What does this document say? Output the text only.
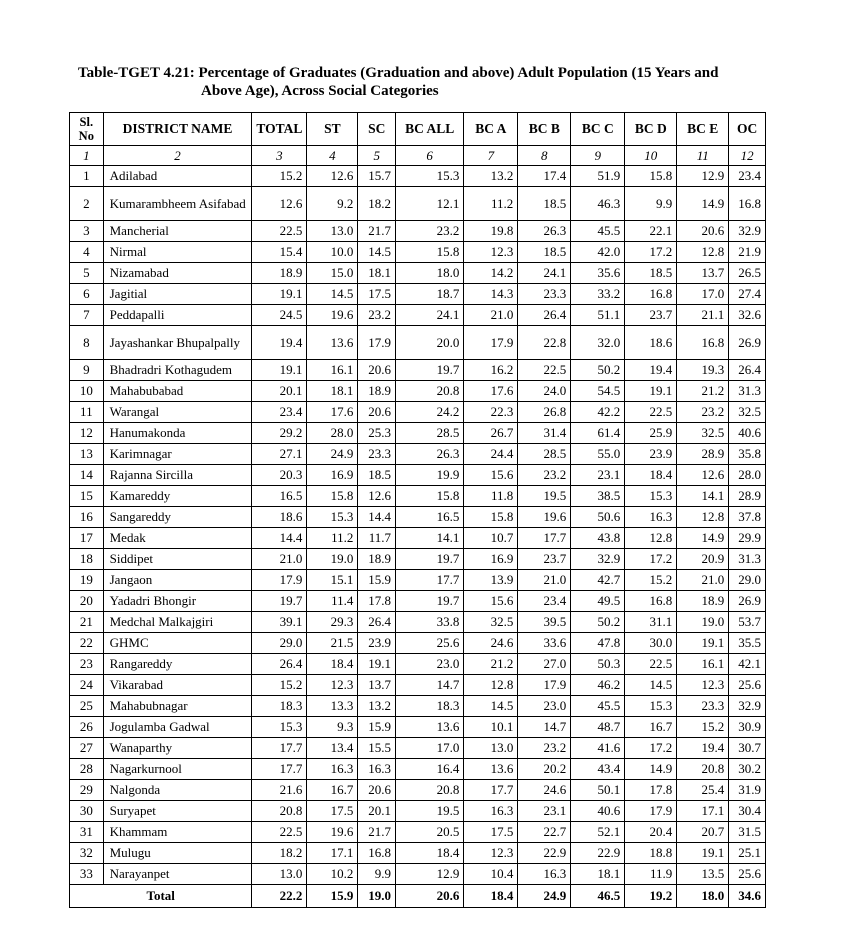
Table-TGET 4.21: Percentage of Graduates (Graduation and above) Adult Population (15 Years and
Above Age), Across Social Categories
Sl.
No	DISTRICT NAME	TOTAL	ST	SC	BC ALL	BC A	BC B	BC C	BC D	BC E	OC
1	2	3	4	5	6	7	8	9	10	11	12
1	Adilabad	15.2	12.6	15.7	15.3	13.2	17.4	51.9	15.8	12.9	23.4
2	Kumarambheem Asifabad	12.6	9.2	18.2	12.1	11.2	18.5	46.3	9.9	14.9	16.8
3	Mancherial	22.5	13.0	21.7	23.2	19.8	26.3	45.5	22.1	20.6	32.9
4	Nirmal	15.4	10.0	14.5	15.8	12.3	18.5	42.0	17.2	12.8	21.9
5	Nizamabad	18.9	15.0	18.1	18.0	14.2	24.1	35.6	18.5	13.7	26.5
6	Jagitial	19.1	14.5	17.5	18.7	14.3	23.3	33.2	16.8	17.0	27.4
7	Peddapalli	24.5	19.6	23.2	24.1	21.0	26.4	51.1	23.7	21.1	32.6
8	Jayashankar Bhupalpally	19.4	13.6	17.9	20.0	17.9	22.8	32.0	18.6	16.8	26.9
9	Bhadradri Kothagudem	19.1	16.1	20.6	19.7	16.2	22.5	50.2	19.4	19.3	26.4
10	Mahabubabad	20.1	18.1	18.9	20.8	17.6	24.0	54.5	19.1	21.2	31.3
11	Warangal	23.4	17.6	20.6	24.2	22.3	26.8	42.2	22.5	23.2	32.5
12	Hanumakonda	29.2	28.0	25.3	28.5	26.7	31.4	61.4	25.9	32.5	40.6
13	Karimnagar	27.1	24.9	23.3	26.3	24.4	28.5	55.0	23.9	28.9	35.8
14	Rajanna Sircilla	20.3	16.9	18.5	19.9	15.6	23.2	23.1	18.4	12.6	28.0
15	Kamareddy	16.5	15.8	12.6	15.8	11.8	19.5	38.5	15.3	14.1	28.9
16	Sangareddy	18.6	15.3	14.4	16.5	15.8	19.6	50.6	16.3	12.8	37.8
17	Medak	14.4	11.2	11.7	14.1	10.7	17.7	43.8	12.8	14.9	29.9
18	Siddipet	21.0	19.0	18.9	19.7	16.9	23.7	32.9	17.2	20.9	31.3
19	Jangaon	17.9	15.1	15.9	17.7	13.9	21.0	42.7	15.2	21.0	29.0
20	Yadadri Bhongir	19.7	11.4	17.8	19.7	15.6	23.4	49.5	16.8	18.9	26.9
21	Medchal Malkajgiri	39.1	29.3	26.4	33.8	32.5	39.5	50.2	31.1	19.0	53.7
22	GHMC	29.0	21.5	23.9	25.6	24.6	33.6	47.8	30.0	19.1	35.5
23	Rangareddy	26.4	18.4	19.1	23.0	21.2	27.0	50.3	22.5	16.1	42.1
24	Vikarabad	15.2	12.3	13.7	14.7	12.8	17.9	46.2	14.5	12.3	25.6
25	Mahabubnagar	18.3	13.3	13.2	18.3	14.5	23.0	45.5	15.3	23.3	32.9
26	Jogulamba Gadwal	15.3	9.3	15.9	13.6	10.1	14.7	48.7	16.7	15.2	30.9
27	Wanaparthy	17.7	13.4	15.5	17.0	13.0	23.2	41.6	17.2	19.4	30.7
28	Nagarkurnool	17.7	16.3	16.3	16.4	13.6	20.2	43.4	14.9	20.8	30.2
29	Nalgonda	21.6	16.7	20.6	20.8	17.7	24.6	50.1	17.8	25.4	31.9
30	Suryapet	20.8	17.5	20.1	19.5	16.3	23.1	40.6	17.9	17.1	30.4
31	Khammam	22.5	19.6	21.7	20.5	17.5	22.7	52.1	20.4	20.7	31.5
32	Mulugu	18.2	17.1	16.8	18.4	12.3	22.9	22.9	18.8	19.1	25.1
33	Narayanpet	13.0	10.2	9.9	12.9	10.4	16.3	18.1	11.9	13.5	25.6
Total		22.2	15.9	19.0	20.6	18.4	24.9	46.5	19.2	18.0	34.6
